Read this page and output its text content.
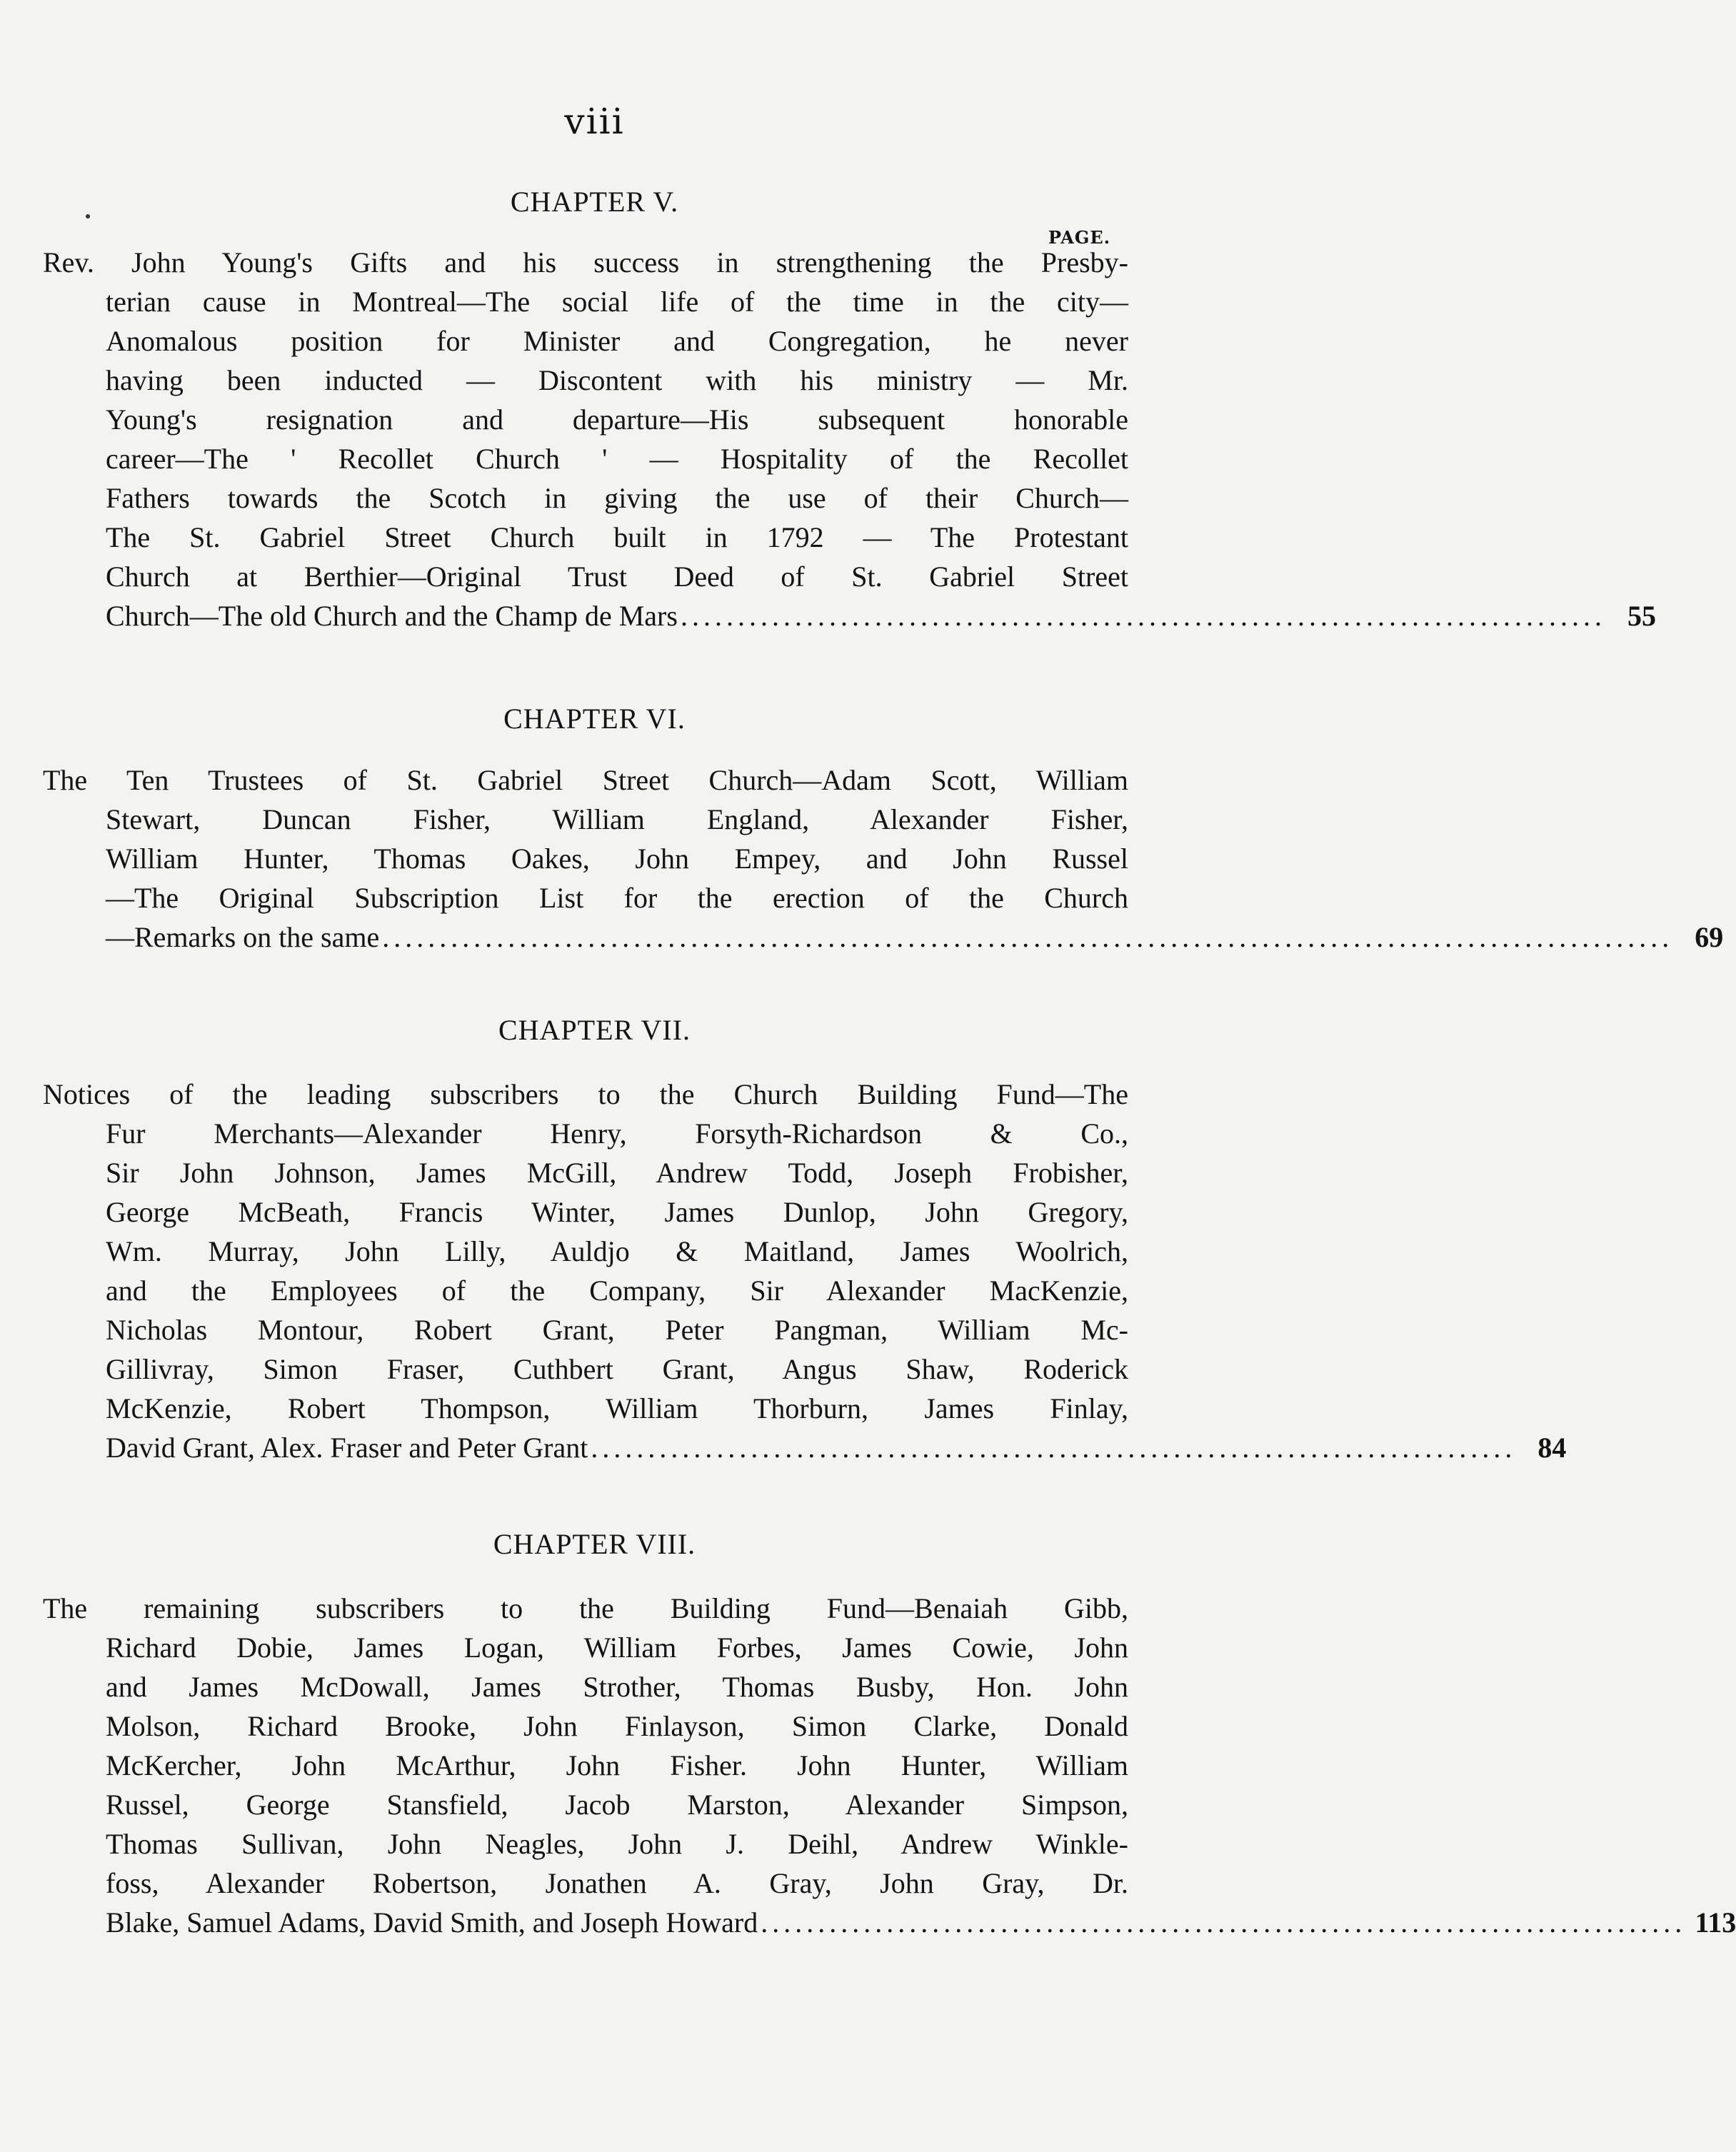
viii
CHAPTER V.
PAGE.
Rev. John Young's Gifts and his success in strengthening the Presby-
terian cause in Montreal—The social life of the time in the city—
Anomalous position for Minister and Congregation, he never
having been inducted — Discontent with his ministry — Mr.
Young's resignation and departure—His subsequent honorable
career—The ' Recollet Church ' — Hospitality of the Recollet
Fathers towards the Scotch in giving the use of their Church—
The St. Gabriel Street Church built in 1792 — The Protestant
Church at Berthier—Original Trust Deed of St. Gabriel Street
Church—The old Church and the Champ de Mars ................................................................................. 55
CHAPTER VI.
The Ten Trustees of St. Gabriel Street Church—Adam Scott, William
Stewart, Duncan Fisher, William England, Alexander Fisher,
William Hunter, Thomas Oakes, John Empey, and John Russel
—The Original Subscription List for the erection of the Church
—Remarks on the same ................................................................................................................. 69
CHAPTER VII.
Notices of the leading subscribers to the Church Building Fund—The
Fur Merchants—Alexander Henry, Forsyth-Richardson & Co.,
Sir John Johnson, James McGill, Andrew Todd, Joseph Frobisher,
George McBeath, Francis Winter, James Dunlop, John Gregory,
Wm. Murray, John Lilly, Auldjo & Maitland, James Woolrich,
and the Employees of the Company, Sir Alexander MacKenzie,
Nicholas Montour, Robert Grant, Peter Pangman, William Mc-
Gillivray, Simon Fraser, Cuthbert Grant, Angus Shaw, Roderick
McKenzie, Robert Thompson, William Thorburn, James Finlay,
David Grant, Alex. Fraser and Peter Grant ................................................................................. 84
CHAPTER VIII.
The remaining subscribers to the Building Fund—Benaiah Gibb,
Richard Dobie, James Logan, William Forbes, James Cowie, John
and James McDowall, James Strother, Thomas Busby, Hon. John
Molson, Richard Brooke, John Finlayson, Simon Clarke, Donald
McKercher, John McArthur, John Fisher. John Hunter, William
Russel, George Stansfield, Jacob Marston, Alexander Simpson,
Thomas Sullivan, John Neagles, John J. Deihl, Andrew Winkle-
foss, Alexander Robertson, Jonathen A. Gray, John Gray, Dr.
Blake, Samuel Adams, David Smith, and Joseph Howard ................................................................................. 113
